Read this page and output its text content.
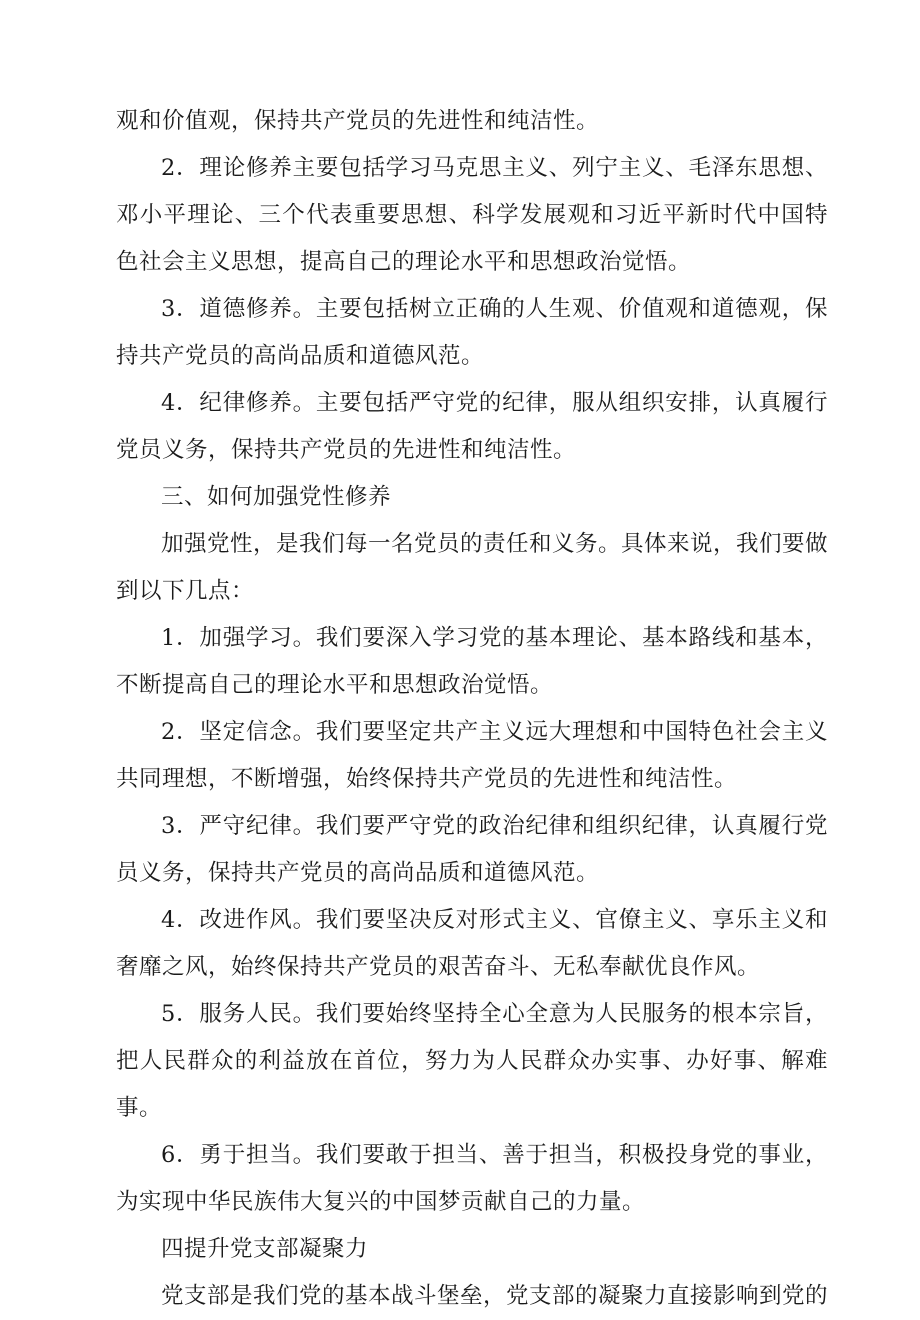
观和价值观，保持共产党员的先进性和纯洁性。

2．理论修养主要包括学习马克思主义、列宁主义、毛泽东思想、邓小平理论、三个代表重要思想、科学发展观和习近平新时代中国特色社会主义思想，提高自己的理论水平和思想政治觉悟。

3．道德修养。主要包括树立正确的人生观、价值观和道德观，保持共产党员的高尚品质和道德风范。

4．纪律修养。主要包括严守党的纪律，服从组织安排，认真履行党员义务，保持共产党员的先进性和纯洁性。

三、如何加强党性修养

加强党性，是我们每一名党员的责任和义务。具体来说，我们要做到以下几点：

1．加强学习。我们要深入学习党的基本理论、基本路线和基本，不断提高自己的理论水平和思想政治觉悟。

2．坚定信念。我们要坚定共产主义远大理想和中国特色社会主义共同理想，不断增强，始终保持共产党员的先进性和纯洁性。

3．严守纪律。我们要严守党的政治纪律和组织纪律，认真履行党员义务，保持共产党员的高尚品质和道德风范。

4．改进作风。我们要坚决反对形式主义、官僚主义、享乐主义和奢靡之风，始终保持共产党员的艰苦奋斗、无私奉献优良作风。

5．服务人民。我们要始终坚持全心全意为人民服务的根本宗旨，把人民群众的利益放在首位，努力为人民群众办实事、办好事、解难事。

6．勇于担当。我们要敢于担当、善于担当，积极投身党的事业，为实现中华民族伟大复兴的中国梦贡献自己的力量。

四提升党支部凝聚力

党支部是我们党的基本战斗堡垒，党支部的凝聚力直接影响到党的
